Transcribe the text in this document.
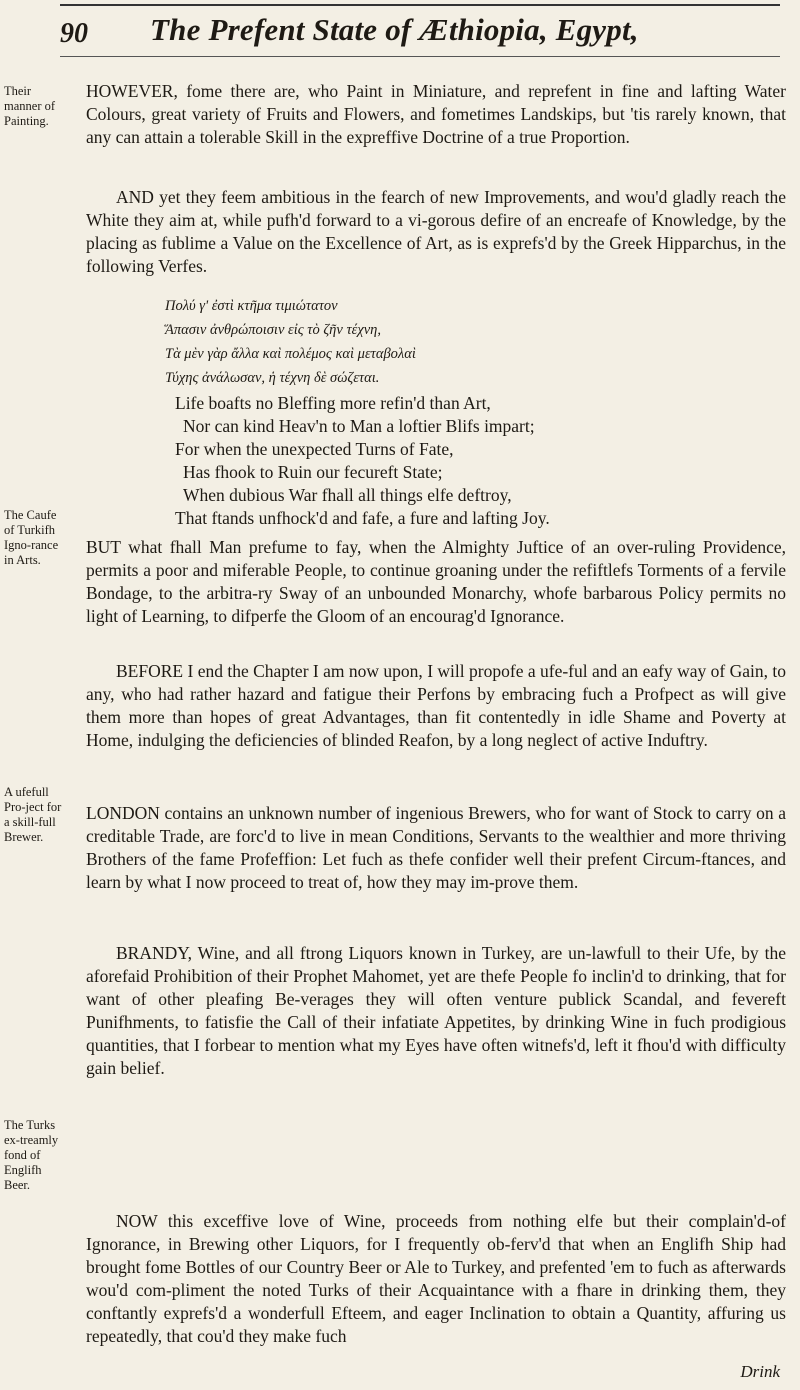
90 The Prefent State of Æthiopia, Egypt,
Their manner of Painting.
The Caufe of Turkifh Igno-rance in Arts.
A ufefull Pro-ject for a skill-full Brewer.
The Turks ex-treamly fond of Englifh Beer.

HOWEVER, fome there are, who Paint in Miniature, and reprefent in fine and lafting Water Colours, great variety of Fruits and Flowers, and fometimes Landskips, but 'tis rarely known, that any can attain a tolerable Skill in the expreffive Doctrine of a true Proportion.

AND yet they feem ambitious in the fearch of new Improvements, and wou'd gladly reach the White they aim at, while pufh'd forward to a vi-gorous defire of an encreafe of Knowledge, by the placing as fublime a Value on the Excellence of Art, as is exprefs'd by the Greek Hipparchus, in the following Verfes.

Πολύ γ' ἐστὶ κτῆμα τιμιώτατον
Ἅπασιν ἀνθρώποισιν εἰς τὸ ζῆν τέχνη,
Τὰ μὲν γὰρ ἄλλα καὶ πολέμος καὶ μεταβολαὶ
Τύχης ἀνάλωσαν, ἡ τέχνη δὲ σώζεται.
Life boafts no Bleffing more refin'd than Art,
Nor can kind Heav'n to Man a loftier Blifs impart;
For when the unexpected Turns of Fate,
Has fhook to Ruin our fecureft State;
When dubious War fhall all things elfe deftroy,
That ftands unfhock'd and fafe, a fure and lafting Joy.

BUT what fhall Man prefume to fay, when the Almighty Juftice of an over-ruling Providence, permits a poor and miferable People, to continue groaning under the refiftlefs Torments of a fervile Bondage, to the arbitra-ry Sway of an unbounded Monarchy, whofe barbarous Policy permits no light of Learning, to difperfe the Gloom of an encourag'd Ignorance.

BEFORE I end the Chapter I am now upon, I will propofe a ufe-ful and an eafy way of Gain, to any, who had rather hazard and fatigue their Perfons by embracing fuch a Profpect as will give them more than hopes of great Advantages, than fit contentedly in idle Shame and Poverty at Home, indulging the deficiencies of blinded Reafon, by a long neglect of active Induftry.

LONDON contains an unknown number of ingenious Brewers, who for want of Stock to carry on a creditable Trade, are forc'd to live in mean Conditions, Servants to the wealthier and more thriving Brothers of the fame Profeffion: Let fuch as thefe confider well their prefent Circum-ftances, and learn by what I now proceed to treat of, how they may im-prove them.

BRANDY, Wine, and all ftrong Liquors known in Turkey, are un-lawfull to their Ufe, by the aforefaid Prohibition of their Prophet Mahomet, yet are thefe People fo inclin'd to drinking, that for want of other pleafing Be-verages they will often venture publick Scandal, and fevereft Punifhments, to fatisfie the Call of their infatiate Appetites, by drinking Wine in fuch prodigious quantities, that I forbear to mention what my Eyes have often witnefs'd, left it fhou'd with difficulty gain belief.

NOW this exceffive love of Wine, proceeds from nothing elfe but their complain'd-of Ignorance, in Brewing other Liquors, for I frequently ob-ferv'd that when an Englifh Ship had brought fome Bottles of our Country Beer or Ale to Turkey, and prefented 'em to fuch as afterwards wou'd com-pliment the noted Turks of their Acquaintance with a fhare in drinking them, they conftantly exprefs'd a wonderfull Efteem, and eager Inclination to obtain a Quantity, affuring us repeatedly, that cou'd they make fuch

Drink
